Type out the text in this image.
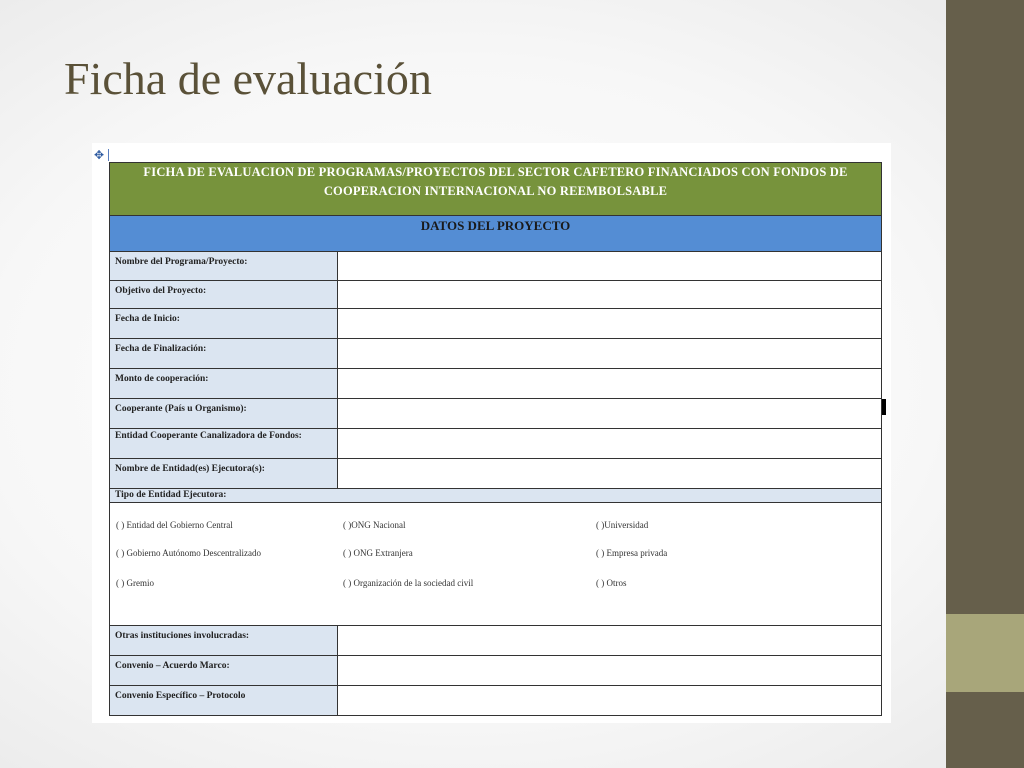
Ficha de evaluación
✥
FICHA DE EVALUACION DE PROGRAMAS/PROYECTOS DEL SECTOR CAFETERO FINANCIADOS CON FONDOS DE COOPERACION INTERNACIONAL NO REEMBOLSABLE
DATOS DEL PROYECTO
Nombre del Programa/Proyecto:
Objetivo del Proyecto:
Fecha de Inicio:
Fecha de Finalización:
Monto de cooperación:
Cooperante (País u Organismo):
Entidad Cooperante Canalizadora de Fondos:
Nombre de Entidad(es) Ejecutora(s):
Tipo de Entidad Ejecutora:
( ) Entidad del Gobierno Central	( )ONG Nacional	( )Universidad
( ) Gobierno Autónomo Descentralizado	( ) ONG Extranjera	( ) Empresa privada
( ) Gremio	( ) Organización de la sociedad civil	( ) Otros
Otras instituciones involucradas:
Convenio – Acuerdo Marco:
Convenio Específico – Protocolo
